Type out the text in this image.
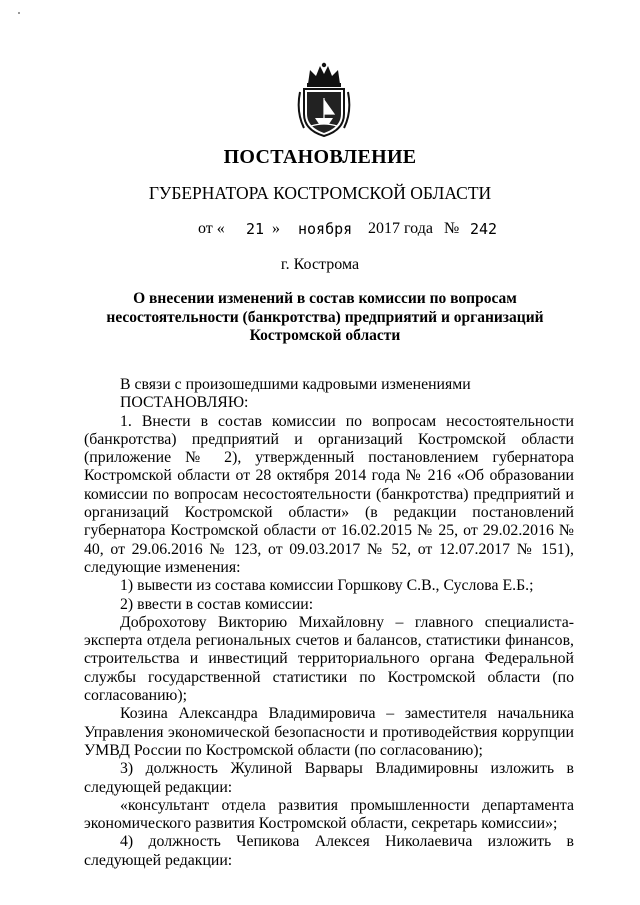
ПОСТАНОВЛЕНИЕ
ГУБЕРНАТОРА КОСТРОМСКОЙ ОБЛАСТИ
от « 21 » ноября 2017 года № 242
г. Кострома
О внесении изменений в состав комиссии по вопросам несостоятельности (банкротства) предприятий и организаций Костромской области

В связи с произошедшими кадровыми изменениями

ПОСТАНОВЛЯЮ:

1. Внести в состав комиссии по вопросам несостоятельности (банкротства) предприятий и организаций Костромской области (приложение № 2), утвержденный постановлением губернатора Костромской области от 28 октября 2014 года № 216 «Об образовании комиссии по вопросам несостоятельности (банкротства) предприятий и организаций Костромской области» (в редакции постановлений губернатора Костромской области от 16.02.2015 № 25, от 29.02.2016 № 40, от 29.06.2016 № 123, от 09.03.2017 № 52, от 12.07.2017 № 151), следующие изменения:

1) вывести из состава комиссии Горшкову С.В., Суслова Е.Б.;

2) ввести в состав комиссии:

Доброхотову Викторию Михайловну – главного специалиста-эксперта отдела региональных счетов и балансов, статистики финансов, строительства и инвестиций территориального органа Федеральной службы государственной статистики по Костромской области (по согласованию);

Козина Александра Владимировича – заместителя начальника Управления экономической безопасности и противодействия коррупции УМВД России по Костромской области (по согласованию);

3) должность Жулиной Варвары Владимировны изложить в следующей редакции:

«консультант отдела развития промышленности департамента экономического развития Костромской области, секретарь комиссии»;

4) должность Чепикова Алексея Николаевича изложить в следующей редакции:
